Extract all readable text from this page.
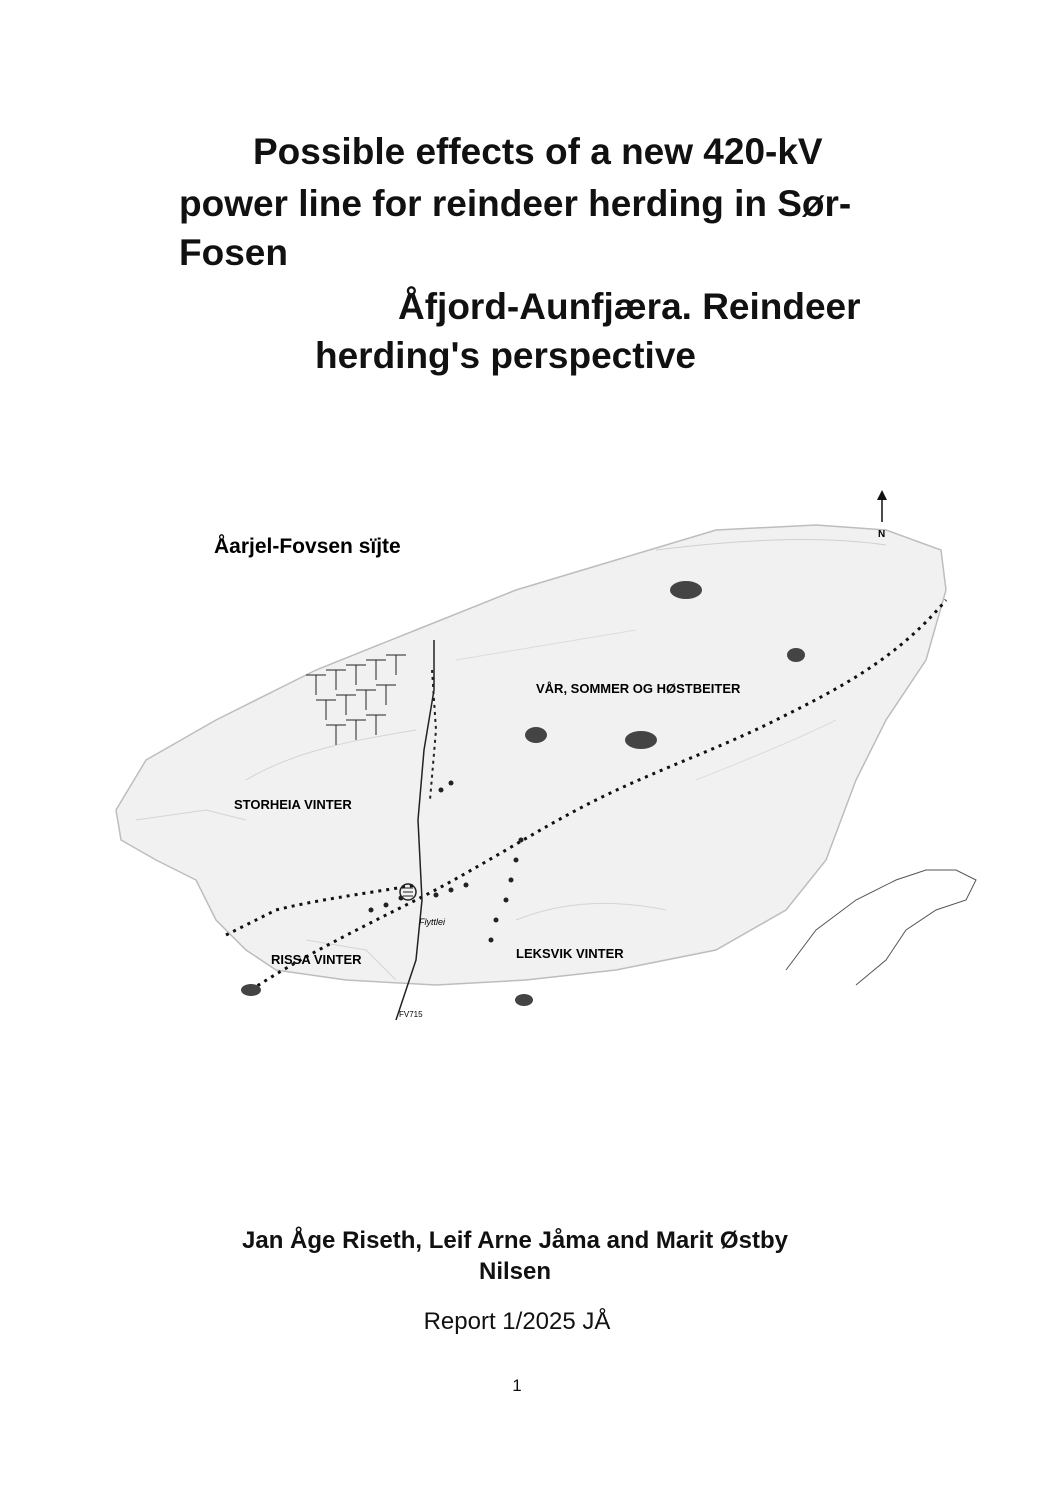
Possible effects of a new 420-kV
power line for reindeer herding in Sør-
Fosen
Åfjord-Aunfjæra. Reindeer
herding's perspective
N
Åarjel-Fovsen sïjte
VÅR, SOMMER OG HØSTBEITER
STORHEIA VINTER
RISSA VINTER	LEKSVIK VINTER
Flyttlei
FV715
Jan Åge Riseth, Leif Arne Jåma and Marit Østby
Nilsen
Report 1/2025 JÅ
1
